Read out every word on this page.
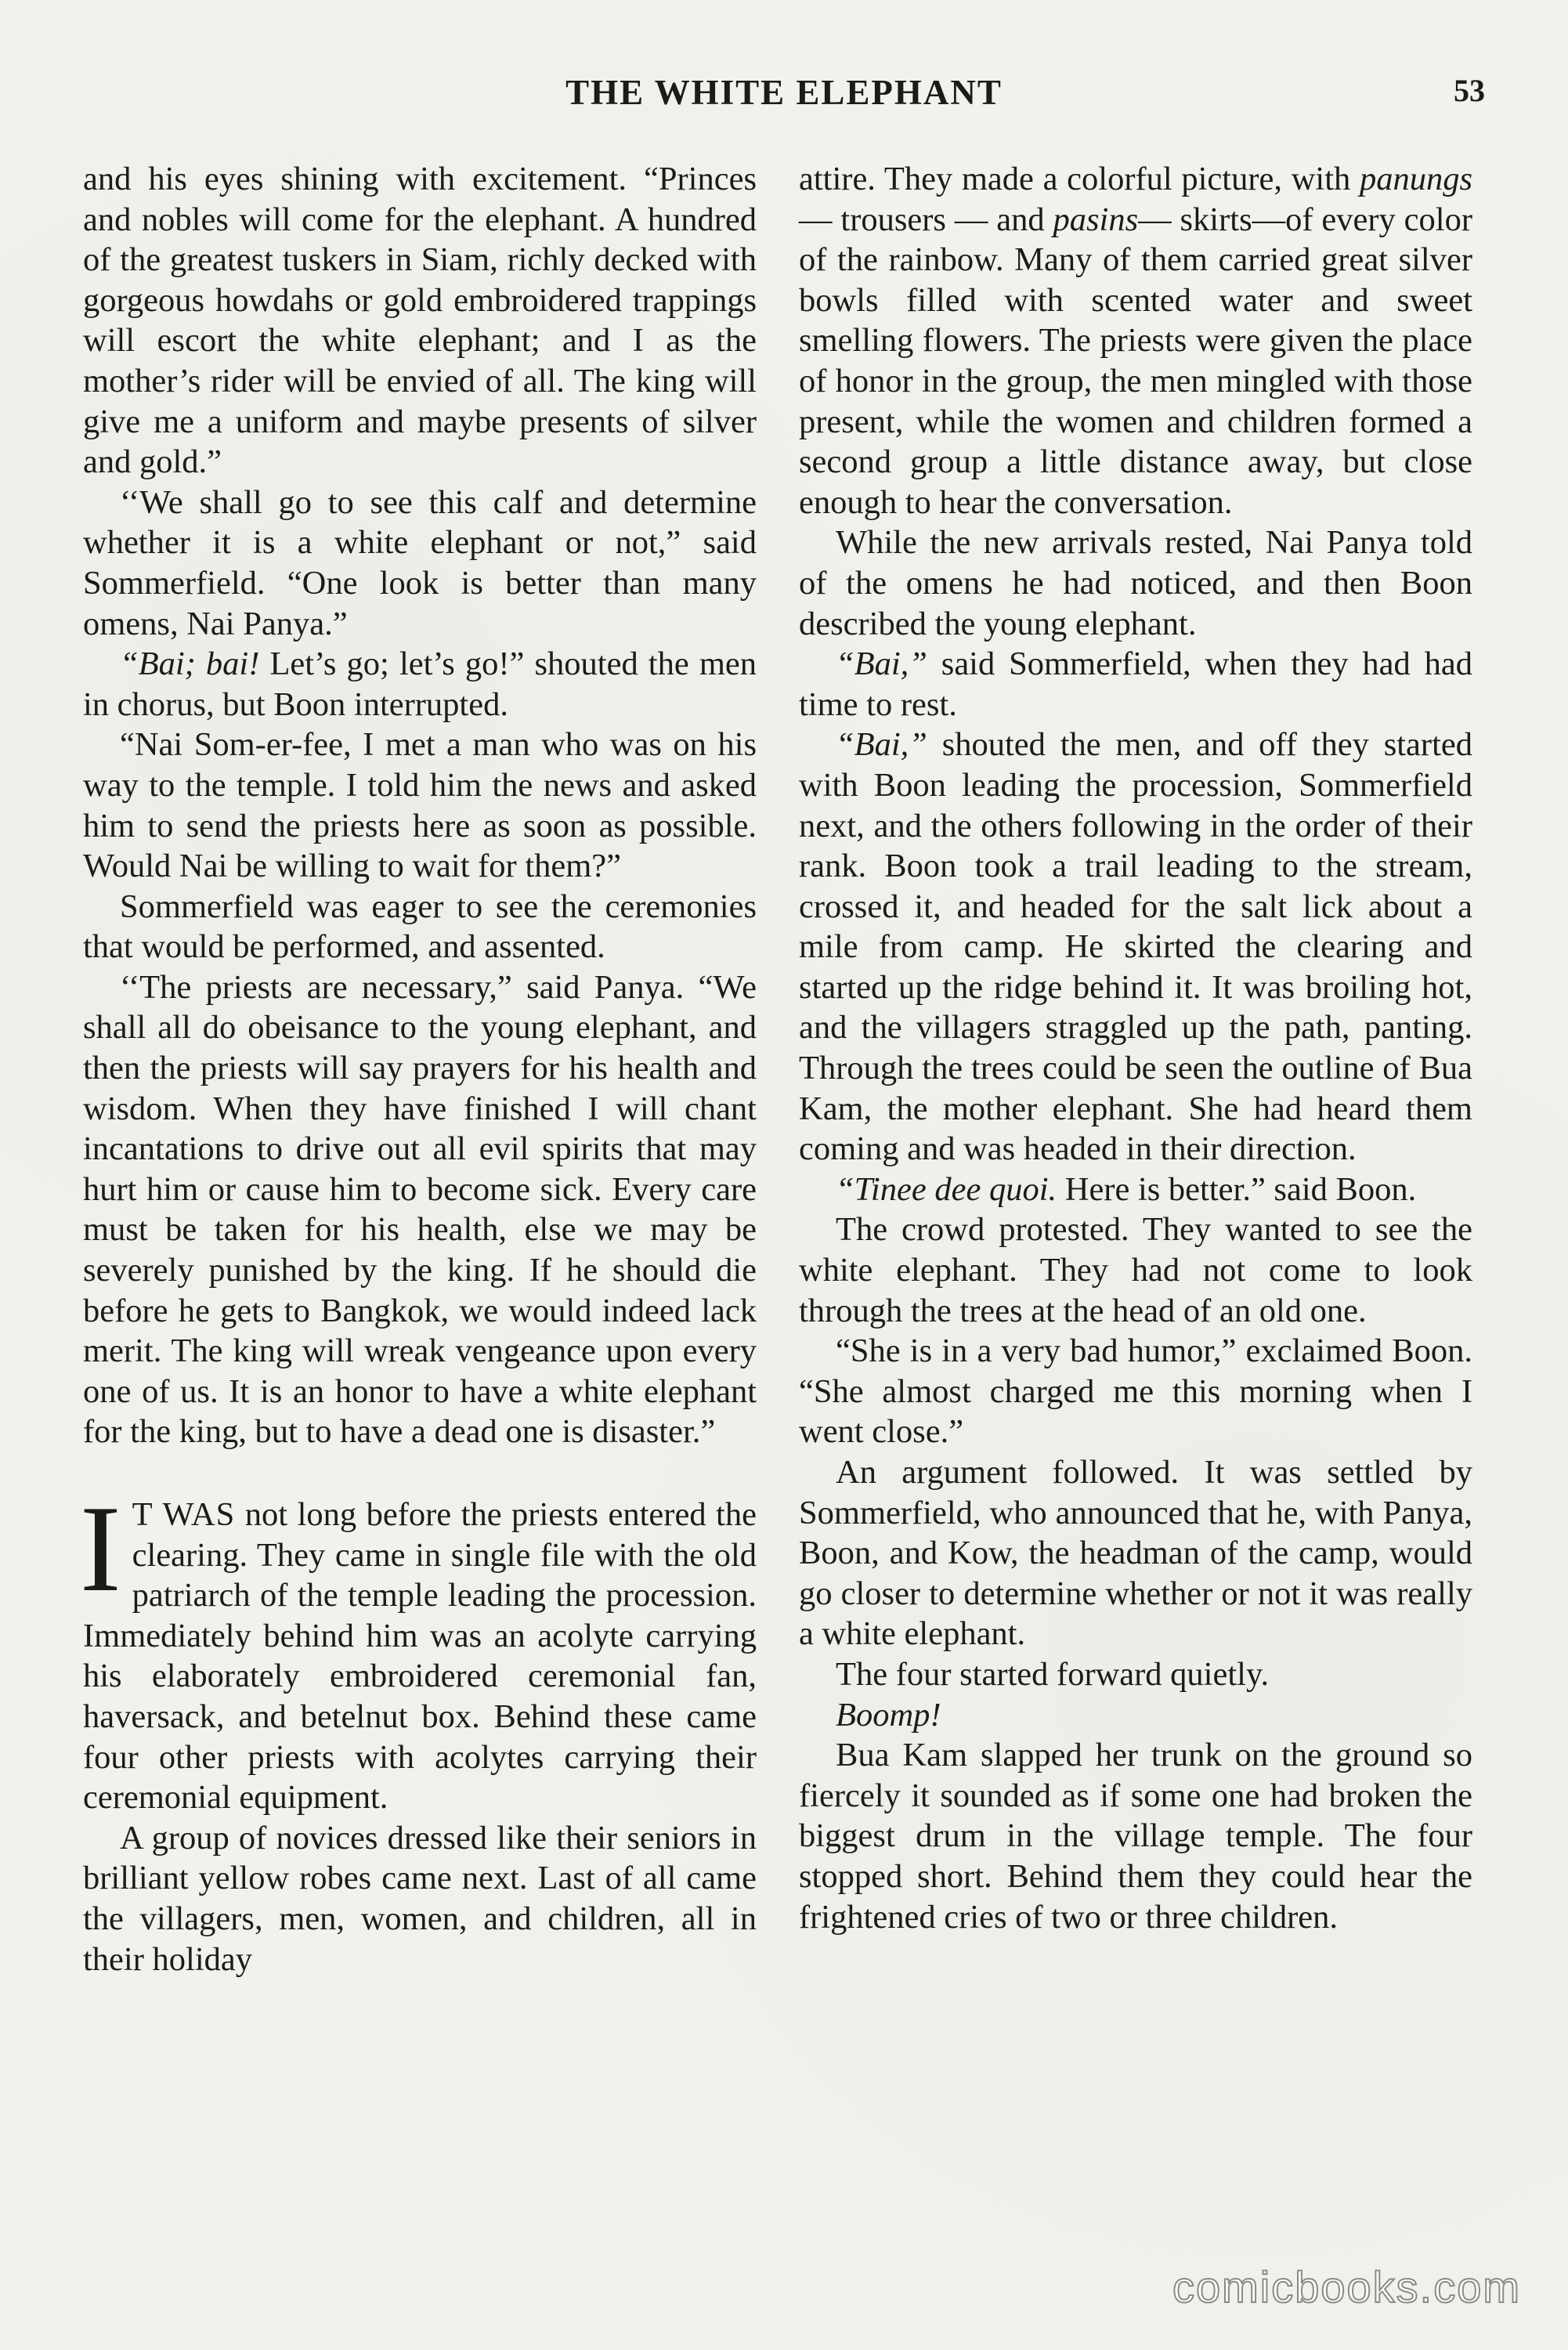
THE WHITE ELEPHANT	53

and his eyes shining with excitement. “Princes and nobles will come for the elephant. A hundred of the greatest tuskers in Siam, richly decked with gorgeous howdahs or gold embroidered trappings will escort the white elephant; and I as the mother’s rider will be envied of all. The king will give me a uniform and maybe presents of silver and gold.”

‘‘We shall go to see this calf and determine whether it is a white elephant or not,” said Sommerfield. “One look is better than many omens, Nai Panya.”

“Bai; bai! Let’s go; let’s go!” shouted the men in chorus, but Boon interrupted.

“Nai Som-er-fee, I met a man who was on his way to the temple. I told him the news and asked him to send the priests here as soon as possible. Would Nai be willing to wait for them?”

Sommerfield was eager to see the ceremonies that would be performed, and assented.

‘‘The priests are necessary,” said Panya. “We shall all do obeisance to the young elephant, and then the priests will say prayers for his health and wisdom. When they have finished I will chant incantations to drive out all evil spirits that may hurt him or cause him to become sick. Every care must be taken for his health, else we may be severely punished by the king. If he should die before he gets to Bangkok, we would indeed lack merit. The king will wreak vengeance upon every one of us. It is an honor to have a white elephant for the king, but to have a dead one is disaster.”

I T WAS not long before the priests entered the clearing. They came in single file with the old patriarch of the temple leading the procession. Immediately behind him was an acolyte carrying his elaborately embroidered ceremonial fan, haversack, and betelnut box. Behind these came four other priests with acolytes carrying their ceremonial equipment.

A group of novices dressed like their seniors in brilliant yellow robes came next. Last of all came the villagers, men, women, and children, all in their holiday

attire. They made a colorful picture, with panungs — trousers — and pasins— skirts—of every color of the rainbow. Many of them carried great silver bowls filled with scented water and sweet smelling flowers. The priests were given the place of honor in the group, the men mingled with those present, while the women and children formed a second group a little distance away, but close enough to hear the conversation.

While the new arrivals rested, Nai Panya told of the omens he had noticed, and then Boon described the young elephant.

“Bai,” said Sommerfield, when they had had time to rest.

“Bai,” shouted the men, and off they started with Boon leading the procession, Sommerfield next, and the others following in the order of their rank. Boon took a trail leading to the stream, crossed it, and headed for the salt lick about a mile from camp. He skirted the clearing and started up the ridge behind it. It was broiling hot, and the villagers straggled up the path, panting. Through the trees could be seen the outline of Bua Kam, the mother elephant. She had heard them coming and was headed in their direction.

“Tinee dee quoi. Here is better.” said Boon.

The crowd protested. They wanted to see the white elephant. They had not come to look through the trees at the head of an old one.

“She is in a very bad humor,” exclaimed Boon. “She almost charged me this morning when I went close.”

An argument followed. It was settled by Sommerfield, who announced that he, with Panya, Boon, and Kow, the headman of the camp, would go closer to determine whether or not it was really a white elephant.

The four started forward quietly.

Boomp!

Bua Kam slapped her trunk on the ground so fiercely it sounded as if some one had broken the biggest drum in the village temple. The four stopped short. Behind them they could hear the frightened cries of two or three children.

comicbooks.com
